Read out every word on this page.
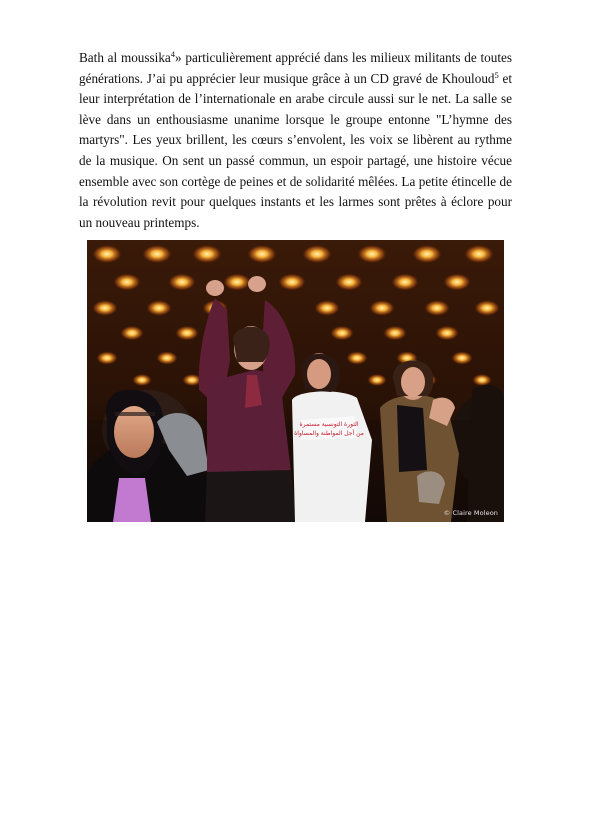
Bath al moussika$^4$» particulièrement apprécié dans les milieux militants de toutes générations. J’ai pu apprécier leur musique grâce à un CD gravé de Khouloud$^5$ et leur interprétation de l’internationale en arabe circule aussi sur le net. La salle se lève dans un enthousiasme unanime lorsque le groupe entonne "L’hymne des martyrs". Les yeux brillent, les cœurs s’envolent, les voix se libèrent au rythme de la musique. On sent un passé commun, un espoir partagé, une histoire vécue ensemble avec son cortège de peines et de solidarité mêlées. La petite étincelle de la révolution revit pour quelques instants et les larmes sont prêtes à éclore pour un nouveau printemps.

الثورة التونسية مستمرة
من أجل المواطنة والمساواة
© Claire Moleon
